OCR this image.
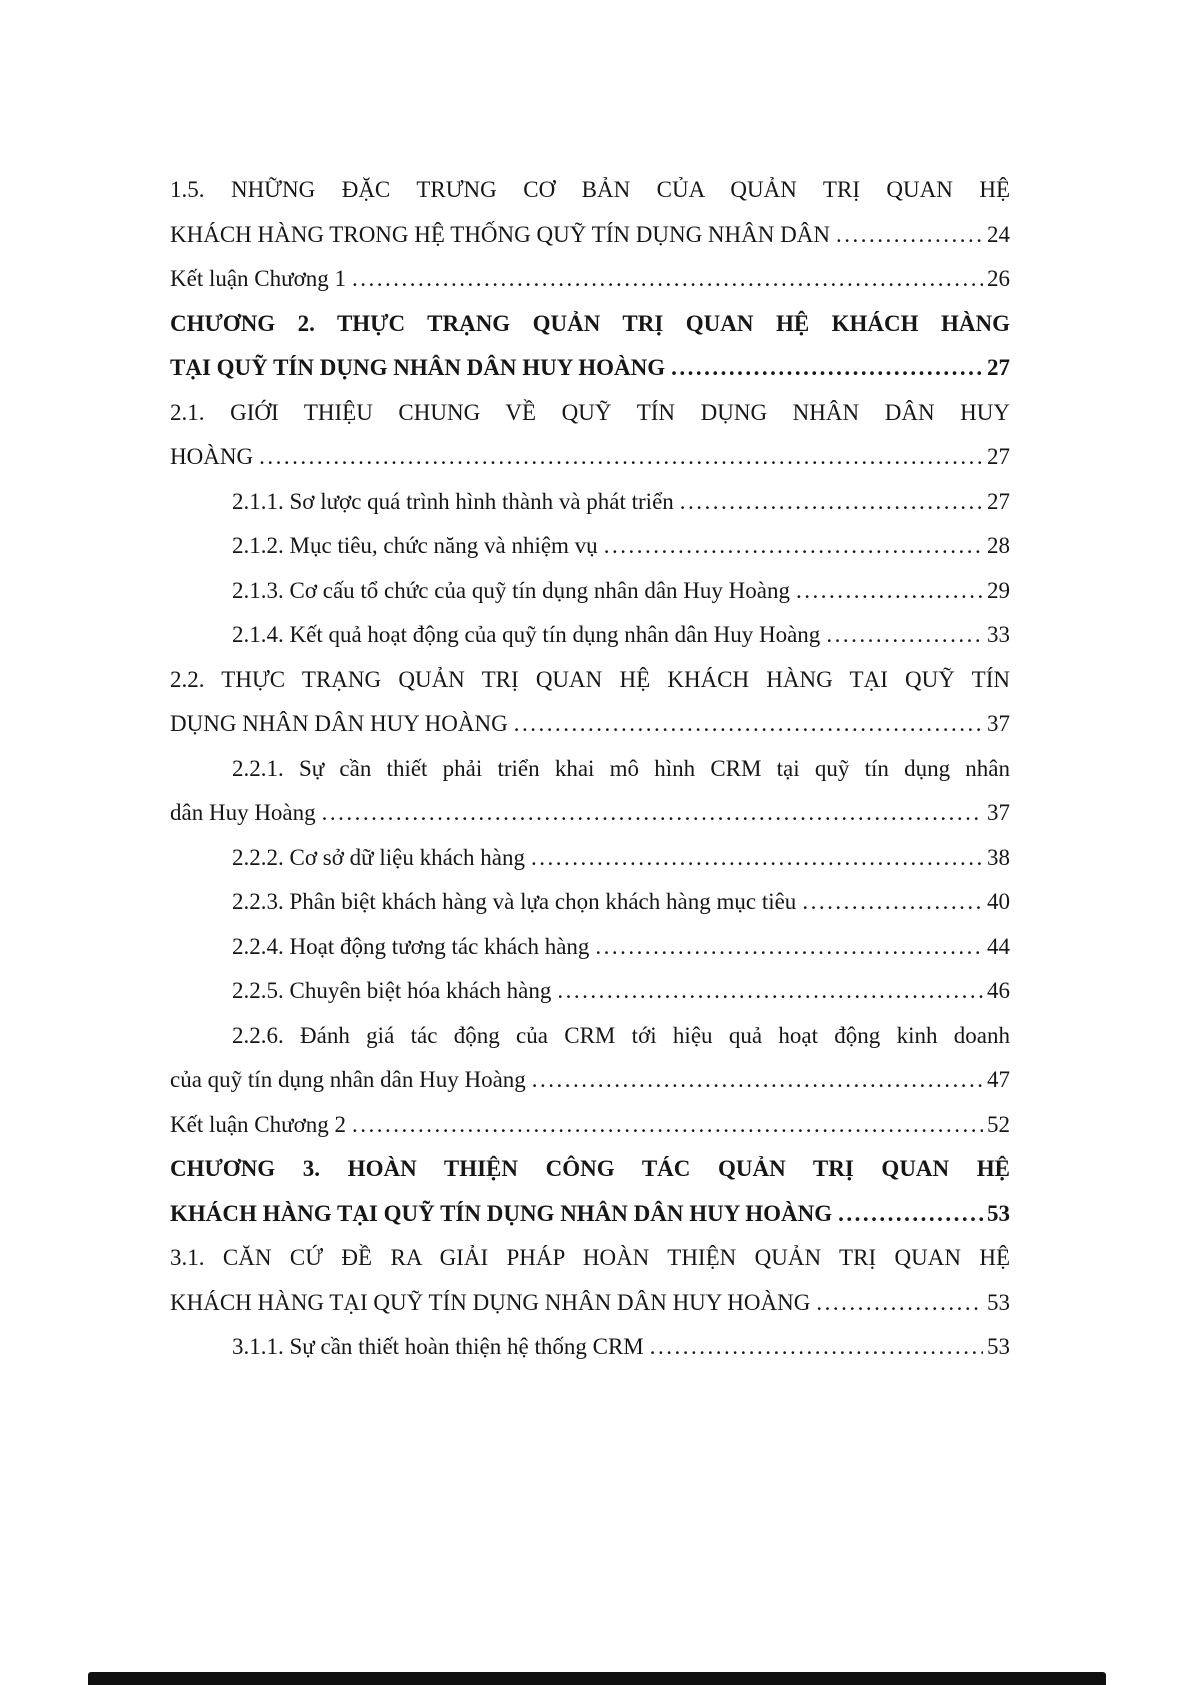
1.5. NHỮNG ĐẶC TRƯNG CƠ BẢN CỦA QUẢN TRỊ QUAN HỆ
KHÁCH HÀNG TRONG HỆ THỐNG QUỸ TÍN DỤNG NHÂN DÂN .....	24
Kết luận Chương 1 .....	26
CHƯƠNG 2. THỰC TRẠNG QUẢN TRỊ QUAN HỆ KHÁCH HÀNG
TẠI QUỸ TÍN DỤNG NHÂN DÂN HUY HOÀNG .....	27
2.1. GIỚI THIỆU CHUNG VỀ QUỸ TÍN DỤNG NHÂN DÂN HUY
HOÀNG .....	27
2.1.1. Sơ lược quá trình hình thành và phát triển .....	27
2.1.2. Mục tiêu, chức năng và nhiệm vụ .....	28
2.1.3. Cơ cấu tổ chức của quỹ tín dụng nhân dân Huy Hoàng .....	29
2.1.4. Kết quả hoạt động của quỹ tín dụng nhân dân Huy Hoàng .....	33
2.2. THỰC TRẠNG QUẢN TRỊ QUAN HỆ KHÁCH HÀNG TẠI QUỸ TÍN
DỤNG NHÂN DÂN HUY HOÀNG .....	37
2.2.1. Sự cần thiết phải triển khai mô hình CRM tại quỹ tín dụng nhân
dân Huy Hoàng .....	37
2.2.2. Cơ sở dữ liệu khách hàng .....	38
2.2.3. Phân biệt khách hàng và lựa chọn khách hàng mục tiêu .....	40
2.2.4. Hoạt động tương tác khách hàng .....	44
2.2.5. Chuyên biệt hóa khách hàng .....	46
2.2.6. Đánh giá tác động của CRM tới hiệu quả hoạt động kinh doanh
của quỹ tín dụng nhân dân Huy Hoàng .....	47
Kết luận Chương 2 .....	52
CHƯƠNG 3. HOÀN THIỆN CÔNG TÁC QUẢN TRỊ QUAN HỆ
KHÁCH HÀNG TẠI QUỸ TÍN DỤNG NHÂN DÂN HUY HOÀNG .....	53
3.1. CĂN CỨ ĐỀ RA GIẢI PHÁP HOÀN THIỆN QUẢN TRỊ QUAN HỆ
KHÁCH HÀNG TẠI QUỸ TÍN DỤNG NHÂN DÂN HUY HOÀNG .....	53
3.1.1. Sự cần thiết hoàn thiện hệ thống CRM .....	53
